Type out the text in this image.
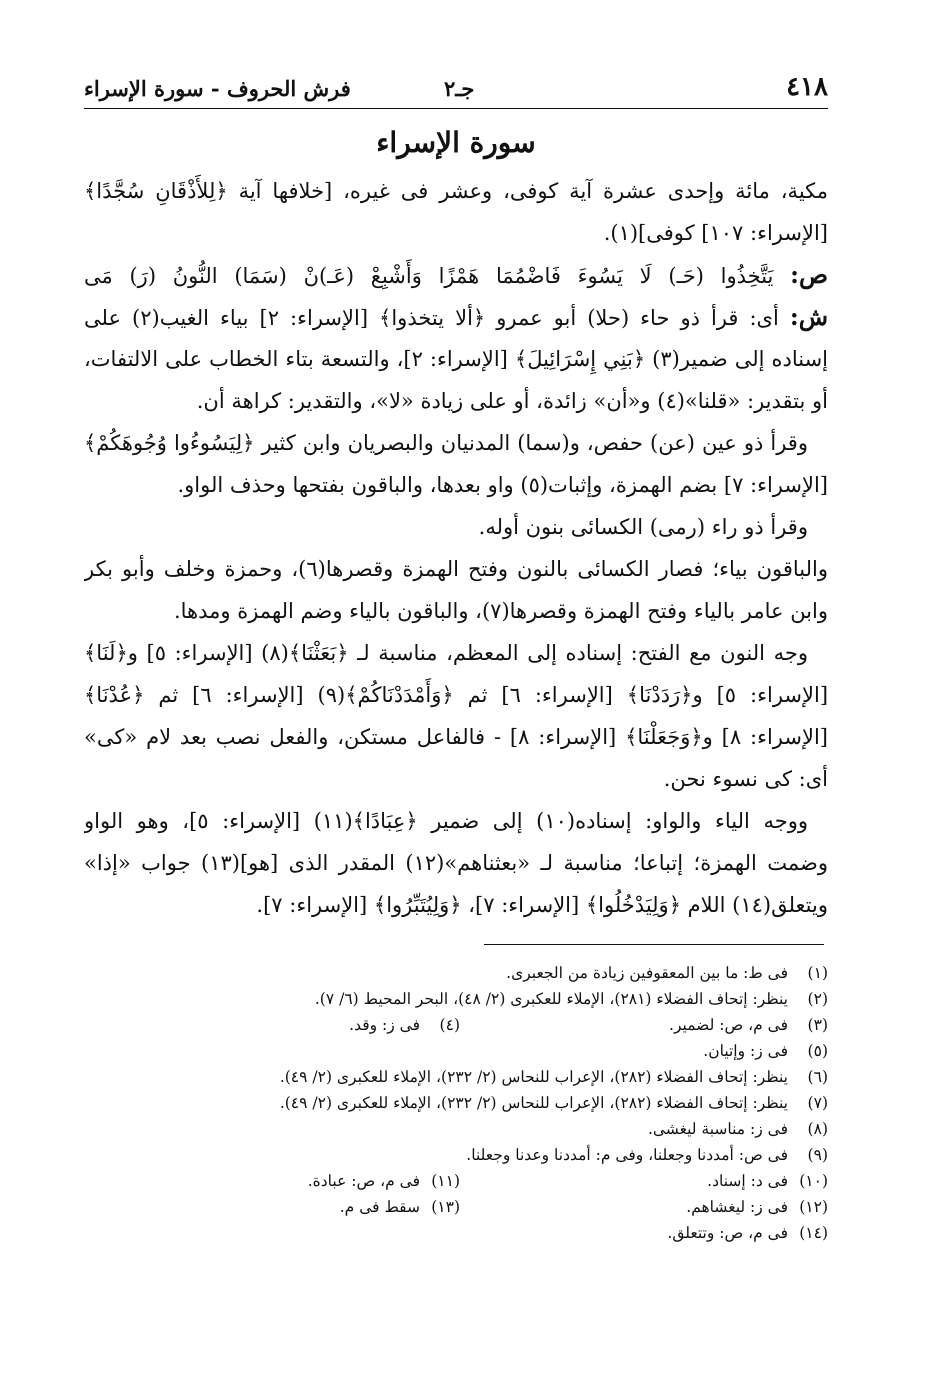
٤١٨
جـ٢
فرش الحروف - سورة الإسراء
سورة الإسراء
مكية، مائة وإحدى عشرة آية كوفى، وعشر فى غيره، [خلافها آية ﴿لِلأَذْقَانِ سُجَّدًا﴾
[الإسراء: ١٠٧] كوفى](١).
ص: يَتَّخِذُوا (حَـ) لَا يَسُوءَ فَاضْمُمَا هَمْزًا وَأَشْبِعْ (عَـ)نْ (سَمَا) النُّونُ (رَ) مَى
ش: أى: قرأ ذو حاء (حلا) أبو عمرو ﴿ألا يتخذوا﴾ [الإسراء: ٢] بياء الغيب(٢) على
إسناده إلى ضمير(٣) ﴿بَنِي إِسْرَائِيلَ﴾ [الإسراء: ٢]، والتسعة بتاء الخطاب على الالتفات،
أو بتقدير: «قلنا»(٤) و«أن» زائدة، أو على زيادة «لا»، والتقدير: كراهة أن.
وقرأ ذو عين (عن) حفص، و(سما) المدنيان والبصريان وابن كثير ﴿لِيَسُوءُوا وُجُوهَكُمْ﴾
[الإسراء: ٧] بضم الهمزة، وإثبات(٥) واو بعدها، والباقون بفتحها وحذف الواو.
وقرأ ذو راء (رمى) الكسائى بنون أوله.
والباقون بياء؛ فصار الكسائى بالنون وفتح الهمزة وقصرها(٦)، وحمزة وخلف وأبو بكر
وابن عامر بالياء وفتح الهمزة وقصرها(٧)، والباقون بالياء وضم الهمزة ومدها.
وجه النون مع الفتح: إسناده إلى المعظم، مناسبة لـ ﴿بَعَثْنَا﴾(٨) [الإسراء: ٥] و﴿لَنَا﴾
[الإسراء: ٥] و﴿رَدَدْنَا﴾ [الإسراء: ٦] ثم ﴿وَأَمْدَدْنَاكُمْ﴾(٩) [الإسراء: ٦] ثم ﴿عُدْنَا﴾
[الإسراء: ٨] و﴿وَجَعَلْنَا﴾ [الإسراء: ٨] - فالفاعل مستكن، والفعل نصب بعد لام «كى»
أى: كى نسوء نحن.
ووجه الياء والواو: إسناده(١٠) إلى ضمير ﴿عِبَادًا﴾(١١) [الإسراء: ٥]، وهو الواو
وضمت الهمزة؛ إتباعا؛ مناسبة لـ «بعثناهم»(١٢) المقدر الذى [هو](١٣) جواب «إذا»
ويتعلق(١٤) اللام ﴿وَلِيَدْخُلُوا﴾ [الإسراء: ٧]، ﴿وَلِيُتَبِّرُوا﴾ [الإسراء: ٧].
(١)فى ط: ما بين المعقوفين زيادة من الجعبرى.
(٢)ينظر: إتحاف الفضلاء (٢٨١)، الإملاء للعكبرى (٢/ ٤٨)، البحر المحيط (٦/ ٧).
(٣)فى م، ص: لضمير.
(٤)فى ز: وقد.
(٥)فى ز: وإتيان.
(٦)ينظر: إتحاف الفضلاء (٢٨٢)، الإعراب للنحاس (٢/ ٢٣٢)، الإملاء للعكبرى (٢/ ٤٩).
(٧)ينظر: إتحاف الفضلاء (٢٨٢)، الإعراب للنحاس (٢/ ٢٣٢)، الإملاء للعكبرى (٢/ ٤٩).
(٨)فى ز: مناسبة ليغشى.
(٩)فى ص: أمددنا وجعلنا، وفى م: أمددنا وعدنا وجعلنا.
(١٠)فى د: إسناد.
(١١)فى م، ص: عبادة.
(١٢)فى ز: ليغشاهم.
(١٣)سقط فى م.
(١٤)فى م، ص: وتتعلق.
